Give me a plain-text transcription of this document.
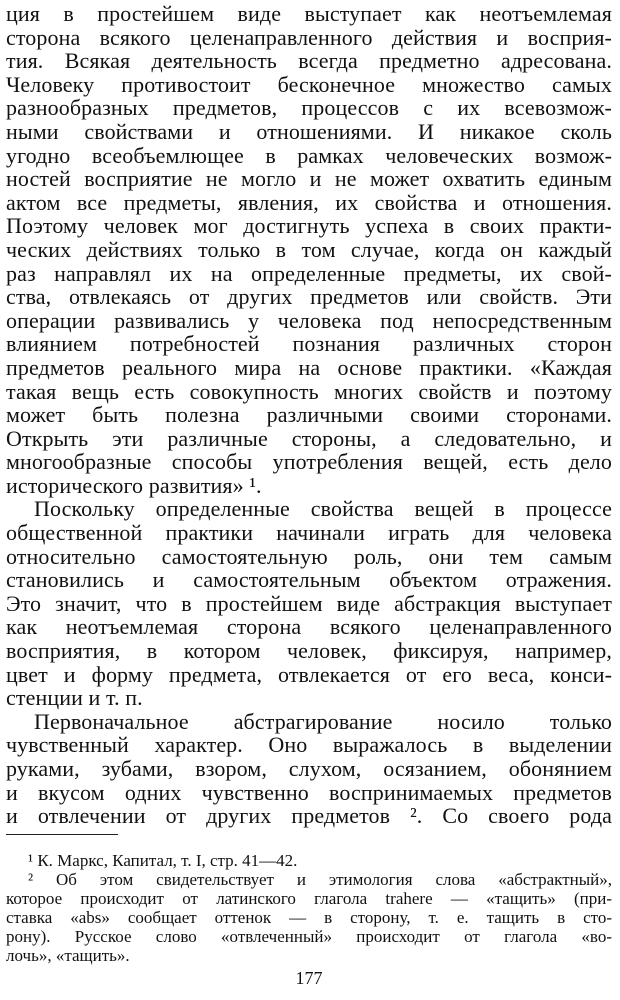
ция в простейшем виде выступает как неотъемлемая
сторона всякого целенаправленного действия и восприя-
тия. Всякая деятельность всегда предметно адресована.
Человеку противостоит бесконечное множество самых
разнообразных предметов, процессов с их всевозмож-
ными свойствами и отношениями. И никакое сколь
угодно всеобъемлющее в рамках человеческих возмож-
ностей восприятие не могло и не может охватить единым
актом все предметы, явления, их свойства и отношения.
Поэтому человек мог достигнуть успеха в своих практи-
ческих действиях только в том случае, когда он каждый
раз направлял их на определенные предметы, их свой-
ства, отвлекаясь от других предметов или свойств. Эти
операции развивались у человека под непосредственным
влиянием потребностей познания различных сторон
предметов реального мира на основе практики. «Каждая
такая вещь есть совокупность многих свойств и поэтому
может быть полезна различными своими сторонами.
Открыть эти различные стороны, а следовательно, и
многообразные способы употребления вещей, есть дело
исторического развития» ¹.
Поскольку определенные свойства вещей в процессе
общественной практики начинали играть для человека
относительно самостоятельную роль, они тем самым
становились и самостоятельным объектом отражения.
Это значит, что в простейшем виде абстракция выступает
как неотъемлемая сторона всякого целенаправленного
восприятия, в котором человек, фиксируя, например,
цвет и форму предмета, отвлекается от его веса, конси-
стенции и т. п.
Первоначальное абстрагирование носило только
чувственный характер. Оно выражалось в выделении
руками, зубами, взором, слухом, осязанием, обонянием
и вкусом одних чувственно воспринимаемых предметов
и отвлечении от других предметов ². Со своего рода
¹ К. Маркс, Капитал, т. I, стр. 41—42.
² Об этом свидетельствует и этимология слова «абстрактный»,
которое происходит от латинского глагола trahere — «тащить» (при-
ставка «abs» сообщает оттенок — в сторону, т. е. тащить в сто-
рону). Русское слово «отвлеченный» происходит от глагола «во-
лочь», «тащить».
177
